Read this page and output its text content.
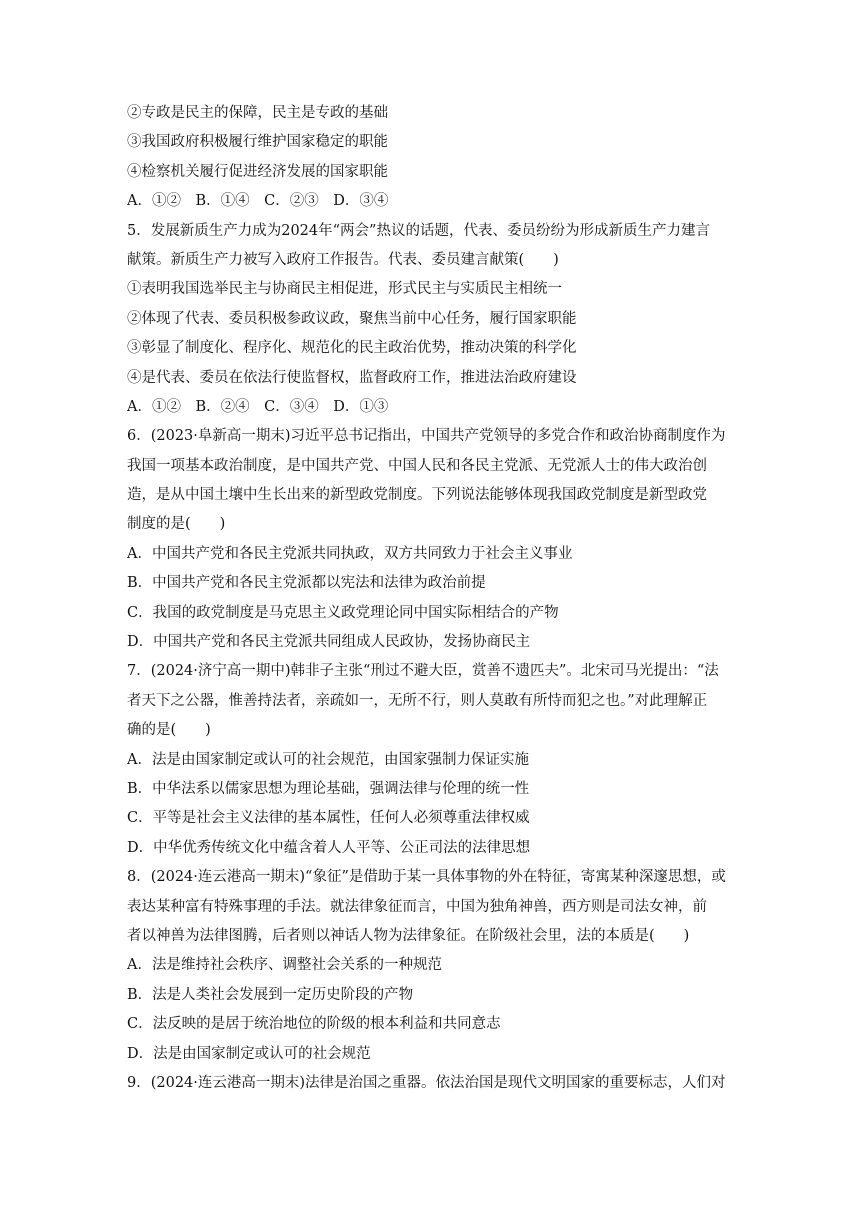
②专政是民主的保障，民主是专政的基础
③我国政府积极履行维护国家稳定的职能
④检察机关履行促进经济发展的国家职能
A．①②　B．①④　C．②③　D．③④
5．发展新质生产力成为2024年“两会”热议的话题，代表、委员纷纷为形成新质生产力建言
献策。新质生产力被写入政府工作报告。代表、委员建言献策(　　)
①表明我国选举民主与协商民主相促进，形式民主与实质民主相统一
②体现了代表、委员积极参政议政，聚焦当前中心任务，履行国家职能
③彰显了制度化、程序化、规范化的民主政治优势，推动决策的科学化
④是代表、委员在依法行使监督权，监督政府工作，推进法治政府建设
A．①②　B．②④　C．③④　D．①③
6．(2023·阜新高一期末)习近平总书记指出，中国共产党领导的多党合作和政治协商制度作为
我国一项基本政治制度，是中国共产党、中国人民和各民主党派、无党派人士的伟大政治创
造，是从中国土壤中生长出来的新型政党制度。下列说法能够体现我国政党制度是新型政党
制度的是(　　)
A．中国共产党和各民主党派共同执政，双方共同致力于社会主义事业
B．中国共产党和各民主党派都以宪法和法律为政治前提
C．我国的政党制度是马克思主义政党理论同中国实际相结合的产物
D．中国共产党和各民主党派共同组成人民政协，发扬协商民主
7．(2024·济宁高一期中)韩非子主张“刑过不避大臣，赏善不遗匹夫”。北宋司马光提出：“法
者天下之公器，惟善持法者，亲疏如一，无所不行，则人莫敢有所恃而犯之也。”对此理解正
确的是(　　)
A．法是由国家制定或认可的社会规范，由国家强制力保证实施
B．中华法系以儒家思想为理论基础，强调法律与伦理的统一性
C．平等是社会主义法律的基本属性，任何人必须尊重法律权威
D．中华优秀传统文化中蕴含着人人平等、公正司法的法律思想
8．(2024·连云港高一期末)“象征”是借助于某一具体事物的外在特征，寄寓某种深邃思想，或
表达某种富有特殊事理的手法。就法律象征而言，中国为独角神兽，西方则是司法女神，前
者以神兽为法律图腾，后者则以神话人物为法律象征。在阶级社会里，法的本质是(　　)
A．法是维持社会秩序、调整社会关系的一种规范
B．法是人类社会发展到一定历史阶段的产物
C．法反映的是居于统治地位的阶级的根本利益和共同意志
D．法是由国家制定或认可的社会规范
9．(2024·连云港高一期末)法律是治国之重器。依法治国是现代文明国家的重要标志，人们对
